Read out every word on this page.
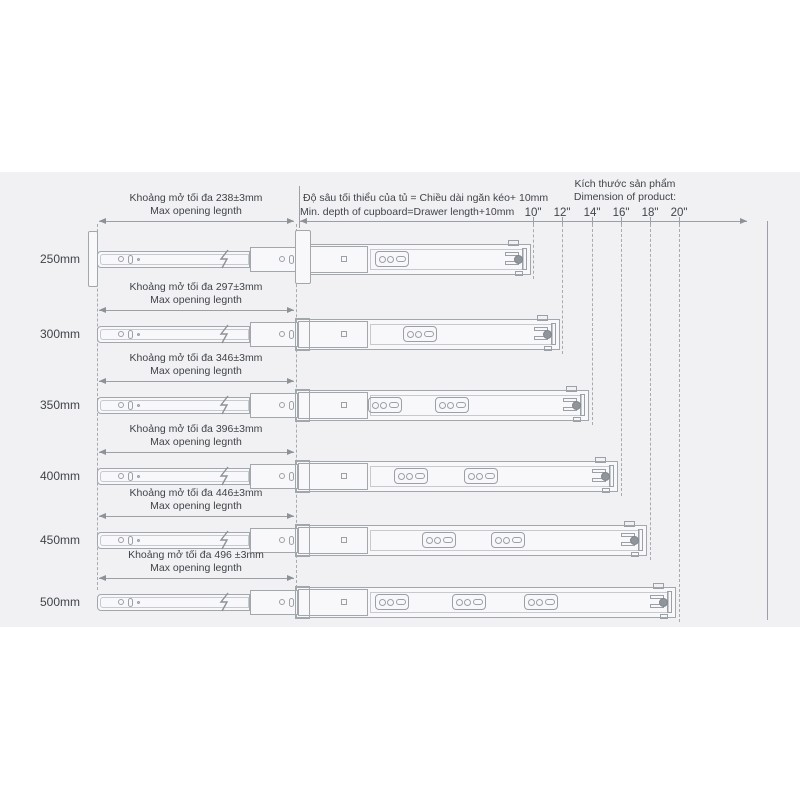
Độ sâu tối thiểu của tủ = Chiều dài ngăn kéo+ 10mm
Min. depth of cupboard=Drawer length+10mm
Kích thước sản phẩm
Dimension of product:
10" 12" 14" 16" 18" 20"
250mm
Khoảng mở tối đa 238±3mm
Max opening legnth
300mm
Khoảng mở tối đa 297±3mm
Max opening legnth
350mm
Khoảng mở tối đa 346±3mm
Max opening legnth
400mm
Khoảng mở tối đa 396±3mm
Max opening legnth
450mm
Khoảng mở tối đa 446±3mm
Max opening legnth
500mm
Khoảng mở tối đa 496 ±3mm
Max opening legnth
